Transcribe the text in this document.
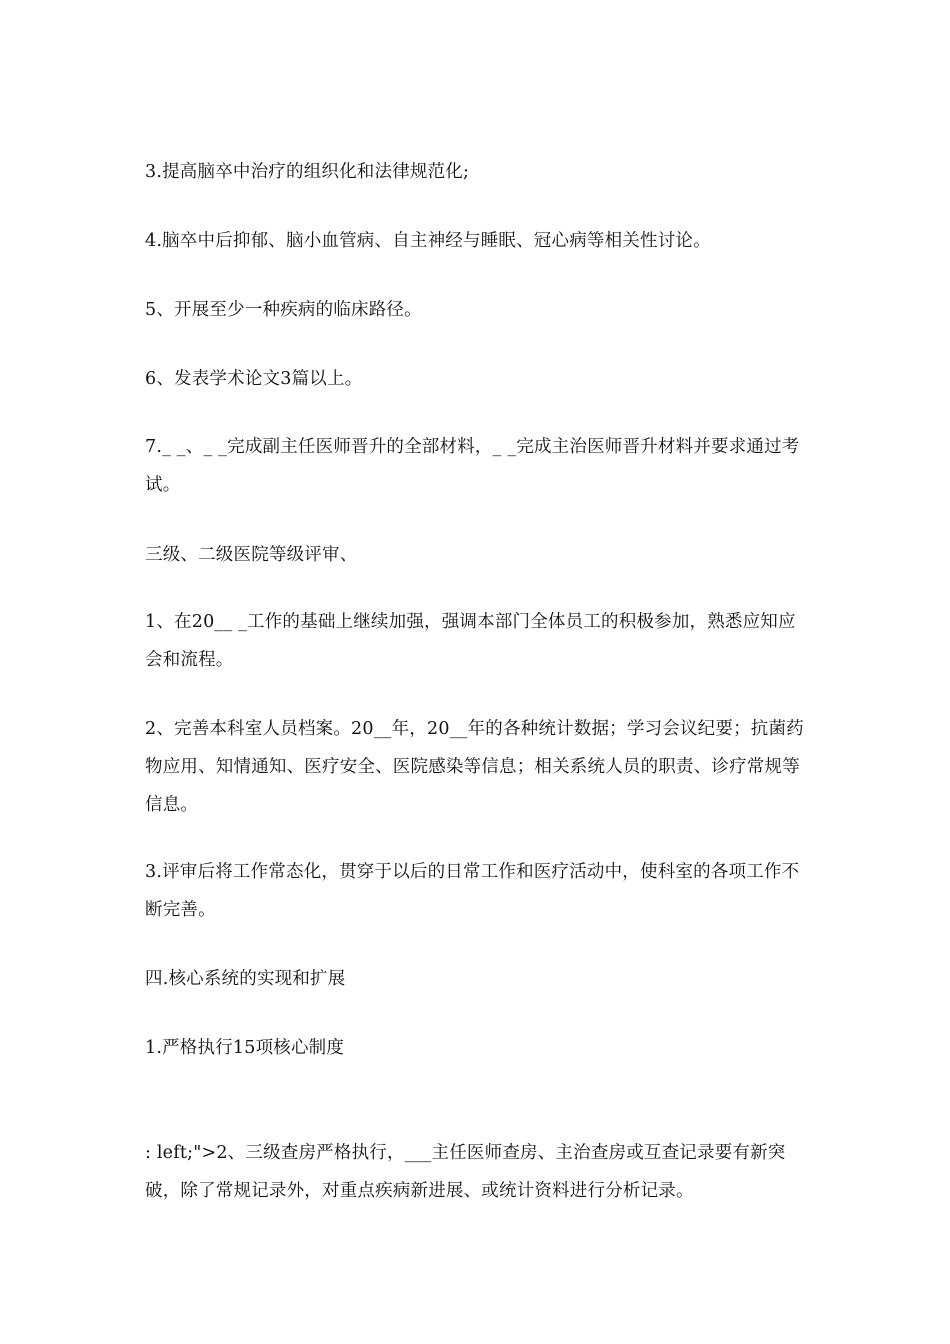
3.提高脑卒中治疗的组织化和法律规范化;

4.脑卒中后抑郁、脑小血管病、自主神经与睡眠、冠心病等相关性讨论。

5、开展至少一种疾病的临床路径。

6、发表学术论文3篇以上。

7._ _、_ _完成副主任医师晋升的全部材料，_ _完成主治医师晋升材料并要求通过考试。

三级、二级医院等级评审、

1、在20__ _工作的基础上继续加强，强调本部门全体员工的积极参加，熟悉应知应会和流程。

2、完善本科室人员档案。20__年，20__年的各种统计数据；学习会议纪要；抗菌药物应用、知情通知、医疗安全、医院感染等信息；相关系统人员的职责、诊疗常规等信息。

3.评审后将工作常态化，贯穿于以后的日常工作和医疗活动中，使科室的各项工作不断完善。

四.核心系统的实现和扩展

1.严格执行15项核心制度

: left;">2、三级查房严格执行，___主任医师查房、主治查房或互查记录要有新突破，除了常规记录外，对重点疾病新进展、或统计资料进行分析记录。
